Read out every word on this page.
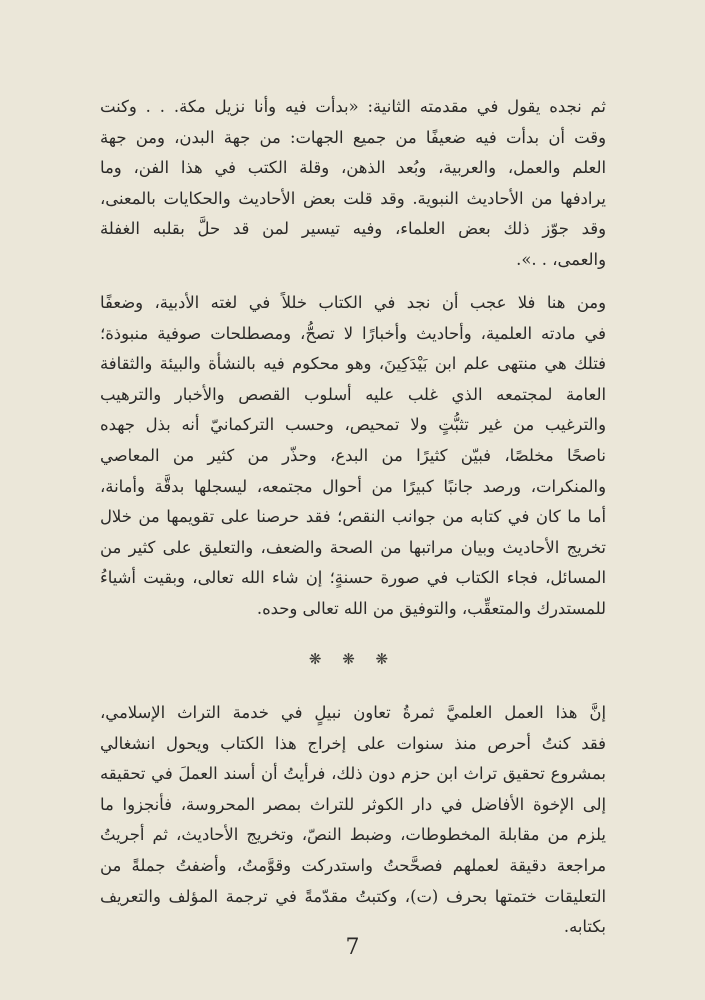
ثم نجده يقول في مقدمته الثانية: «بدأت فيه وأنا نزيل مكة. . . وكنت
وقت أن بدأت فيه ضعيفًا من جميع الجهات: من جهة البدن، ومن جهة
العلم والعمل، والعربية، وبُعد الذهن، وقلة الكتب في هذا الفن، وما
يرادفها من الأحاديث النبوية. وقد قلت بعض الأحاديث والحكايات بالمعنى،
وقد جوّز ذلك بعض العلماء، وفيه تيسير لمن قد حلَّ بقلبه الغفلة
والعمى، . .».
ومن هنا فلا عجب أن نجد في الكتاب خللاً في لغته الأدبية، وضعفًا
في مادته العلمية، وأحاديث وأخبارًا لا تصحُّ، ومصطلحات صوفية منبوذة؛
فتلك هي منتهى علم ابن بَيْدَكِينَ، وهو محكوم فيه بالنشأة والبيئة والثقافة
العامة لمجتمعه الذي غلب عليه أسلوب القصص والأخبار والترهيب
والترغيب من غير تثبُّتٍ ولا تمحيص، وحسب التركمانيّ أنه بذل جهده
ناصحًا مخلصًا، فبيّن كثيرًا من البدع، وحذّر من كثير من المعاصي
والمنكرات، ورصد جانبًا كبيرًا من أحوال مجتمعه، ليسجلها بدقَّة وأمانة،
أما ما كان في كتابه من جوانب النقص؛ فقد حرصنا على تقويمها من خلال
تخريج الأحاديث وبيان مراتبها من الصحة والضعف، والتعليق على كثير من
المسائل، فجاء الكتاب في صورة حسنةٍ؛ إن شاء الله تعالى، وبقيت أشياءُ
للمستدرك والمتعقِّب، والتوفيق من الله تعالى وحده.
❋ ❋ ❋
إنَّ هذا العمل العلميَّ ثمرةُ تعاون نبيلٍ في خدمة التراث الإسلامي،
فقد كنتُ أحرص منذ سنوات على إخراج هذا الكتاب ويحول انشغالي
بمشروع تحقيق تراث ابن حزم دون ذلك، فرأيتُ أن أسند العملَ في تحقيقه
إلى الإخوة الأفاضل في دار الكوثر للتراث بمصر المحروسة، فأنجزوا ما
يلزم من مقابلة المخطوطات، وضبط النصّ، وتخريج الأحاديث، ثم أجريتُ
مراجعة دقيقة لعملهم فصحَّحتُ واستدركت وقوَّمتُ، وأضفتُ جملةً من
التعليقات ختمتها بحرف (ت)، وكتبتُ مقدّمةً في ترجمة المؤلف والتعريف
بكتابه.
7
